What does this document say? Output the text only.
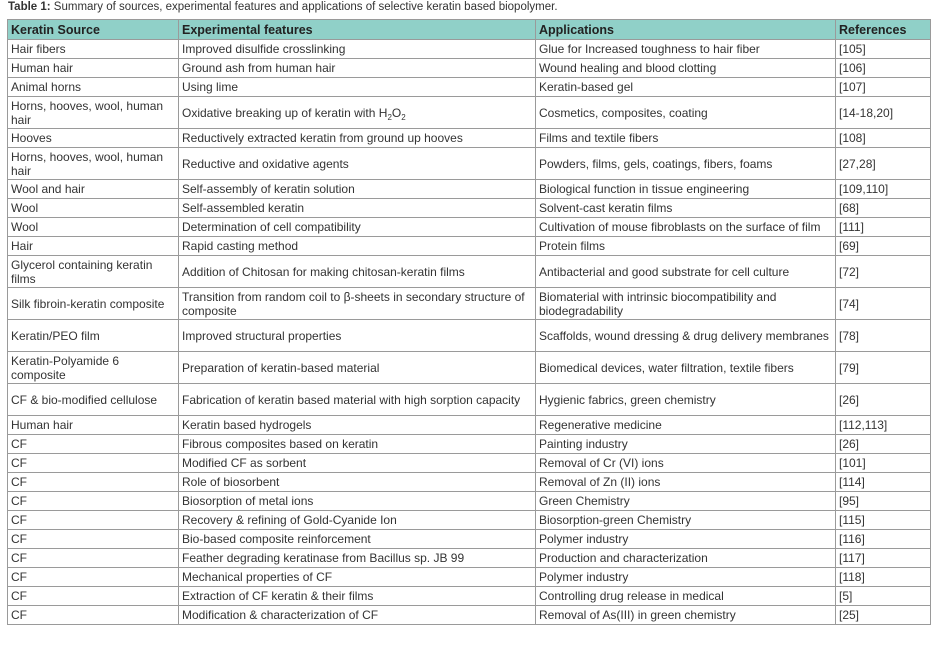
Table 1: Summary of sources, experimental features and applications of selective keratin based biopolymer.
Keratin Source	Experimental features	Applications	References
Hair fibers	Improved disulfide crosslinking	Glue for Increased toughness to hair fiber	[105]
Human hair	Ground ash from human hair	Wound healing and blood clotting	[106]
Animal horns	Using lime	Keratin-based gel	[107]
Horns, hooves, wool, human hair	Oxidative breaking up of keratin with $H_2O_2$	Cosmetics, composites, coating	[14-18,20]
Hooves	Reductively extracted keratin from ground up hooves	Films and textile fibers	[108]
Horns, hooves, wool, human hair	Reductive and oxidative agents	Powders, films, gels, coatings, fibers, foams	[27,28]
Wool and hair	Self-assembly of keratin solution	Biological function in tissue engineering	[109,110]
Wool	Self-assembled keratin	Solvent-cast keratin films	[68]
Wool	Determination of cell compatibility	Cultivation of mouse fibroblasts on the surface of film	[111]
Hair	Rapid casting method	Protein films	[69]
Glycerol containing keratin films	Addition of Chitosan for making chitosan-keratin films	Antibacterial and good substrate for cell culture	[72]
Silk fibroin-keratin composite	Transition from random coil to β-sheets in secondary structure of composite	Biomaterial with intrinsic biocompatibility and biodegradability	[74]
Keratin/PEO film	Improved structural properties	Scaffolds, wound dressing & drug delivery membranes	[78]
Keratin-Polyamide 6 composite	Preparation of keratin-based material	Biomedical devices, water filtration, textile fibers	[79]
CF & bio-modified cellulose	Fabrication of keratin based material with high sorption capacity	Hygienic fabrics, green chemistry	[26]
Human hair	Keratin based hydrogels	Regenerative medicine	[112,113]
CF	Fibrous composites based on keratin	Painting industry	[26]
CF	Modified CF as sorbent	Removal of Cr (VI) ions	[101]
CF	Role of biosorbent	Removal of Zn (II) ions	[114]
CF	Biosorption of metal ions	Green Chemistry	[95]
CF	Recovery & refining of Gold-Cyanide Ion	Biosorption-green Chemistry	[115]
CF	Bio-based composite reinforcement	Polymer industry	[116]
CF	Feather degrading keratinase from Bacillus sp. JB 99	Production and characterization	[117]
CF	Mechanical properties of CF	Polymer industry	[118]
CF	Extraction of CF keratin & their films	Controlling drug release in medical	[5]
CF	Modification & characterization of CF	Removal of As(III) in green chemistry	[25]
